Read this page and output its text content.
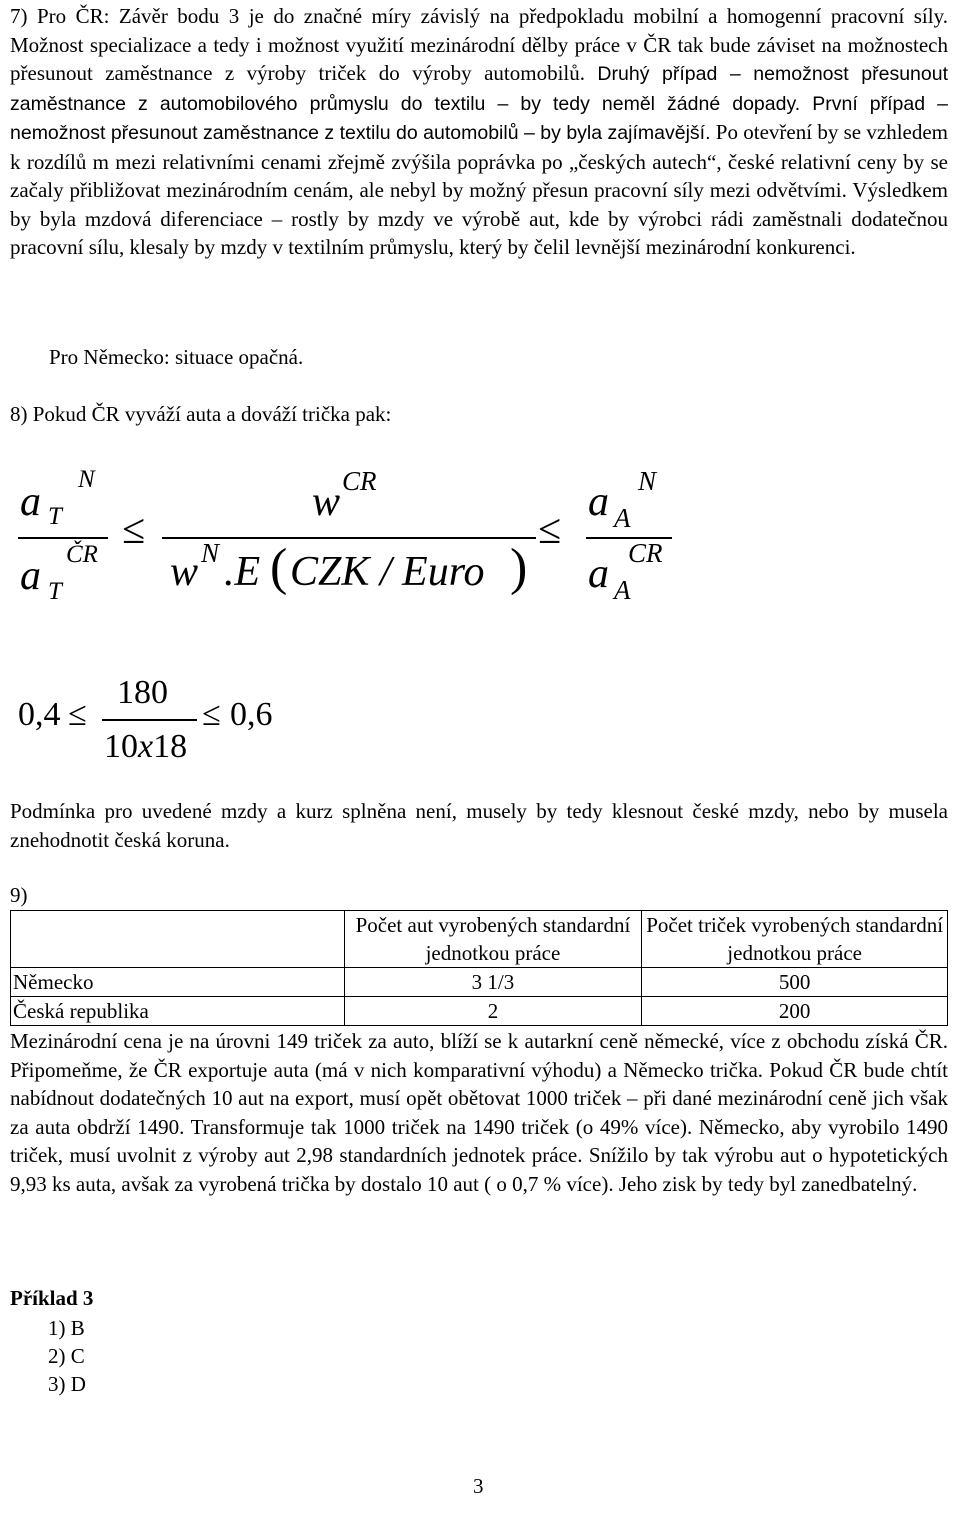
7) Pro ČR: Závěr bodu 3 je do značné míry závislý na předpokladu mobilní a homogenní pracovní síly. Možnost specializace a tedy i možnost využití mezinárodní dělby práce v ČR tak bude záviset na možnostech přesunout zaměstnance z výroby triček do výroby automobilů. Druhý případ – nemožnost přesunout zaměstnance z automobilového průmyslu do textilu – by tedy neměl žádné dopady. První případ – nemožnost přesunout zaměstnance z textilu do automobilů – by byla zajímavější. Po otevření by se vzhledem k rozdílů m mezi relativními cenami zřejmě zvýšila poprávka po „českých autech“, české relativní ceny by se začaly přibližovat mezinárodním cenám, ale nebyl by možný přesun pracovní síly mezi odvětvími. Výsledkem by byla mzdová diferenciace – rostly by mzdy ve výrobě aut, kde by výrobci rádi zaměstnali dodatečnou pracovní sílu, klesaly by mzdy v textilním průmyslu, který by čelil levnější mezinárodní konkurenci.

Pro Německo: situace opačná.

8) Pokud ČR vyváží auta a dováží trička pak:

a T
N
a T
ČR
≤
w CR
w N .E ( CZK / Euro )
≤
a A
N
a A
CR
0,4 ≤
180
10x18
≤ 0,6

Podmínka pro uvedené mzdy a kurz splněna není, musely by tedy klesnout české mzdy, nebo by musela znehodnotit česká koruna.

9)

	Počet aut vyrobených standardní jednotkou práce	Počet triček vyrobených standardní jednotkou práce
Německo	3 1/3	500
Česká republika	2	200

Mezinárodní cena je na úrovni 149 triček za auto, blíží se k autarkní ceně německé, více z obchodu získá ČR. Připomeňme, že ČR exportuje auta (má v nich komparativní výhodu) a Německo trička. Pokud ČR bude chtít nabídnout dodatečných 10 aut na export, musí opět obětovat 1000 triček – při dané mezinárodní ceně jich však za auta obdrží 1490. Transformuje tak 1000 triček na 1490 triček (o 49% více). Německo, aby vyrobilo 1490 triček, musí uvolnit z výroby aut 2,98 standardních jednotek práce. Snížilo by tak výrobu aut o hypotetických 9,93 ks auta, avšak za vyrobená trička by dostalo 10 aut ( o 0,7 % více). Jeho zisk by tedy byl zanedbatelný.

Příklad 3

1) B
2) C
3) D
3
